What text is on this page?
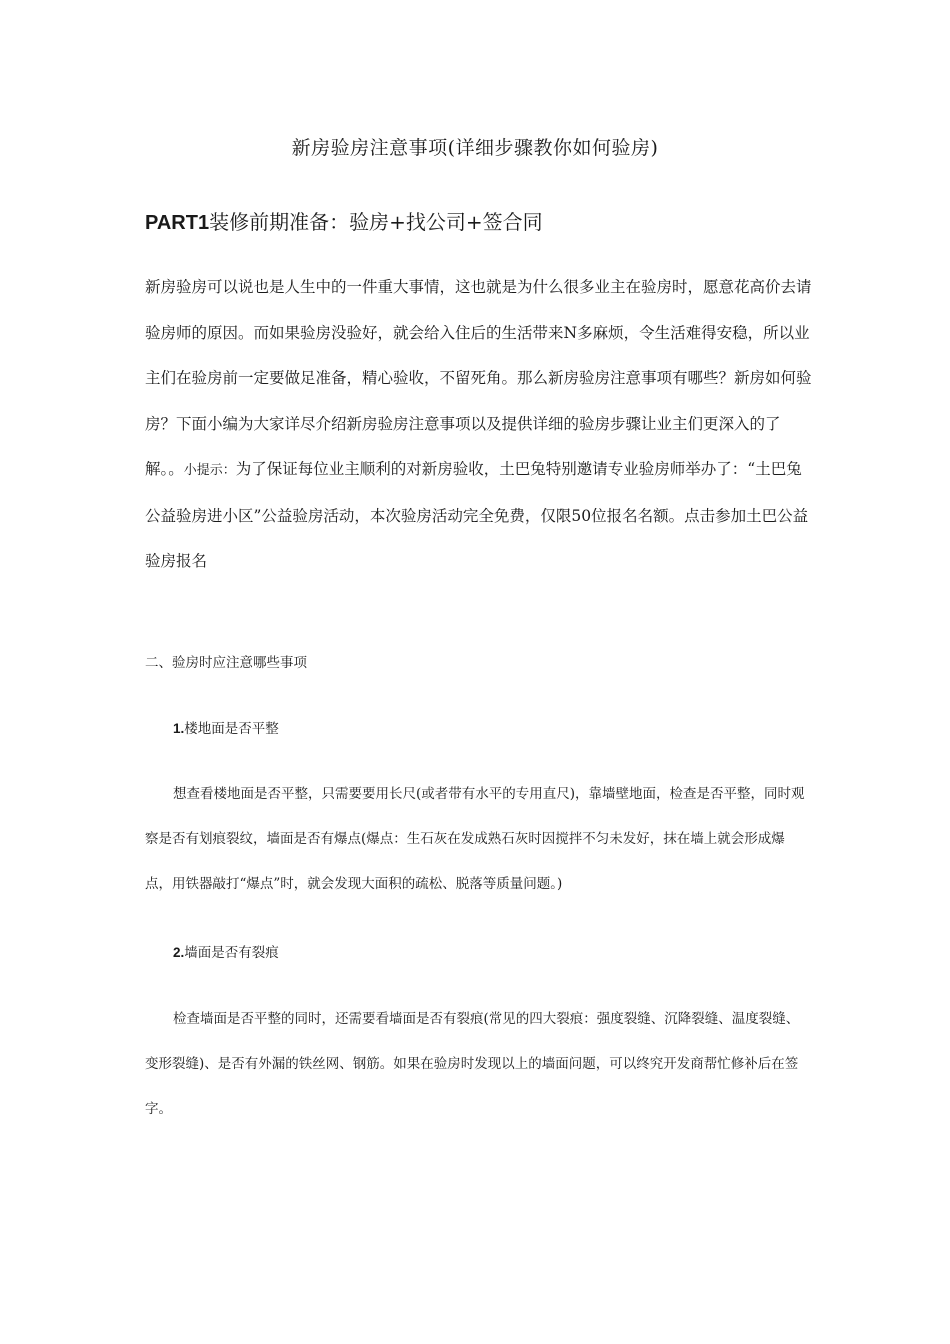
新房验房注意事项(详细步骤教你如何验房)
PART1装修前期准备：验房+找公司+签合同
新房验房可以说也是人生中的一件重大事情，这也就是为什么很多业主在验房时，愿意花高价去请验房师的原因。而如果验房没验好，就会给入住后的生活带来N多麻烦，令生活难得安稳，所以业主们在验房前一定要做足准备，精心验收，不留死角。那么新房验房注意事项有哪些？新房如何验房？下面小编为大家详尽介绍新房验房注意事项以及提供详细的验房步骤让业主们更深入的了解。。小提示：为了保证每位业主顺利的对新房验收，土巴兔特别邀请专业验房师举办了：“土巴兔公益验房进小区”公益验房活动，本次验房活动完全免费，仅限50位报名名额。点击参加土巴公益验房报名
二、验房时应注意哪些事项
1.楼地面是否平整
想查看楼地面是否平整，只需要要用长尺(或者带有水平的专用直尺)，靠墙壁地面，检查是否平整，同时观察是否有划痕裂纹，墙面是否有爆点(爆点：生石灰在发成熟石灰时因搅拌不匀未发好，抹在墙上就会形成爆点，用铁器敲打“爆点”时，就会发现大面积的疏松、脱落等质量问题。)
2.墙面是否有裂痕
检查墙面是否平整的同时，还需要看墙面是否有裂痕(常见的四大裂痕：强度裂缝、沉降裂缝、温度裂缝、变形裂缝)、是否有外漏的铁丝网、钢筋。如果在验房时发现以上的墙面问题，可以终究开发商帮忙修补后在签字。
